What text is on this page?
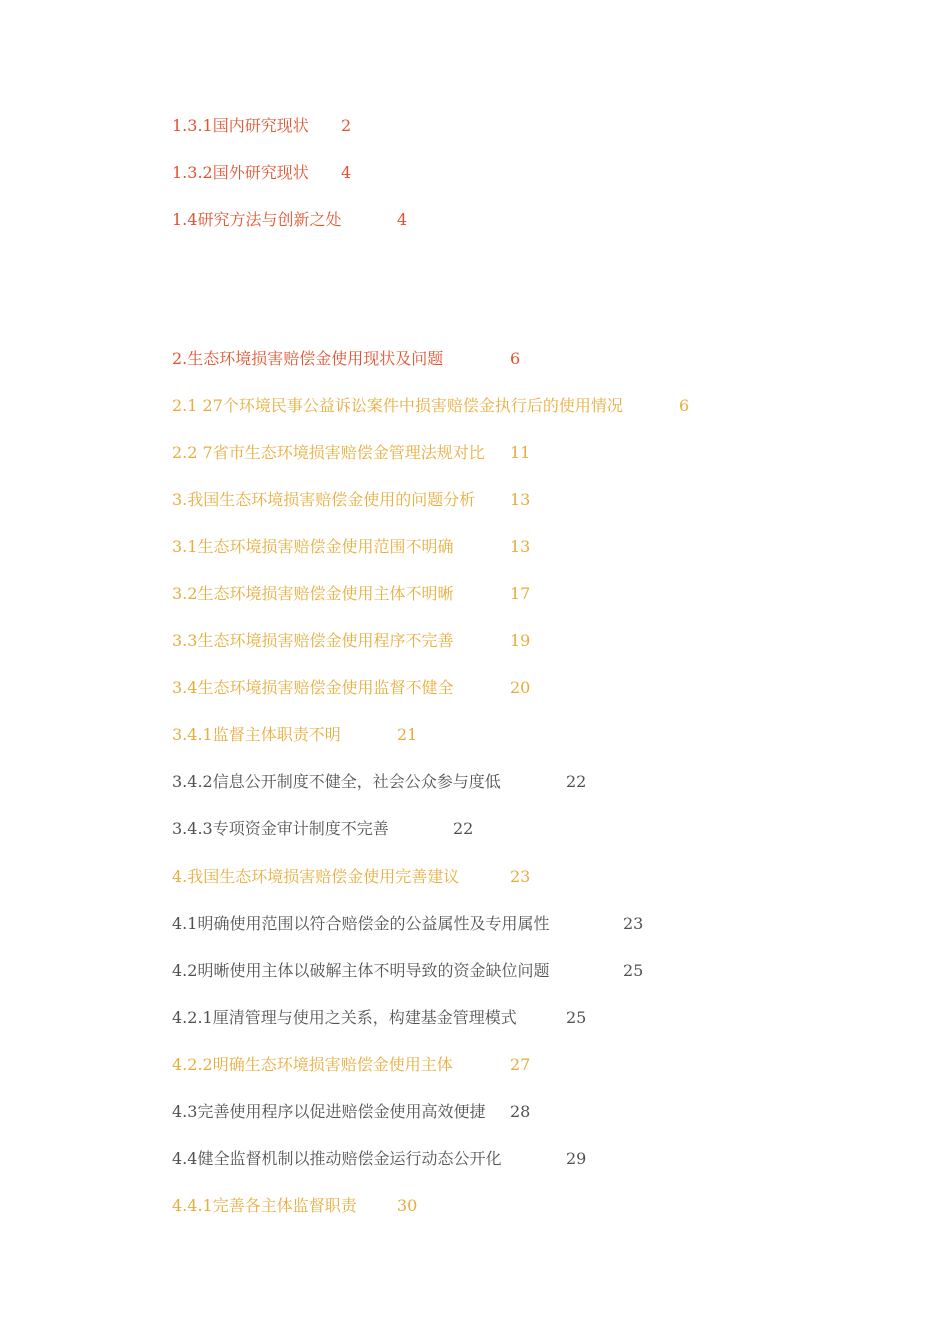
1.3.1国内研究现状 2
1.3.2国外研究现状 4
1.4研究方法与创新之处	4
2.生态环境损害赔偿金使用现状及问题	6
2.1 27个环境民事公益诉讼案件中损害赔偿金执行后的使用情况	6
2.2 7省市生态环境损害赔偿金管理法规对比 11
3.我国生态环境损害赔偿金使用的问题分析 13
3.1生态环境损害赔偿金使用范围不明确	13
3.2生态环境损害赔偿金使用主体不明晰	17
3.3生态环境损害赔偿金使用程序不完善	19
3.4生态环境损害赔偿金使用监督不健全	20
3.4.1监督主体职责不明	21
3.4.2信息公开制度不健全，社会公众参与度低	22
3.4.3专项资金审计制度不完善	22
4.我国生态环境损害赔偿金使用完善建议	23
4.1明确使用范围以符合赔偿金的公益属性及专用属性	23
4.2明晰使用主体以破解主体不明导致的资金缺位问题	25
4.2.1厘清管理与使用之关系，构建基金管理模式	25
4.2.2明确生态环境损害赔偿金使用主体	27
4.3完善使用程序以促进赔偿金使用高效便捷 28
4.4健全监督机制以推动赔偿金运行动态公开化	29
4.4.1完善各主体监督职责	30
